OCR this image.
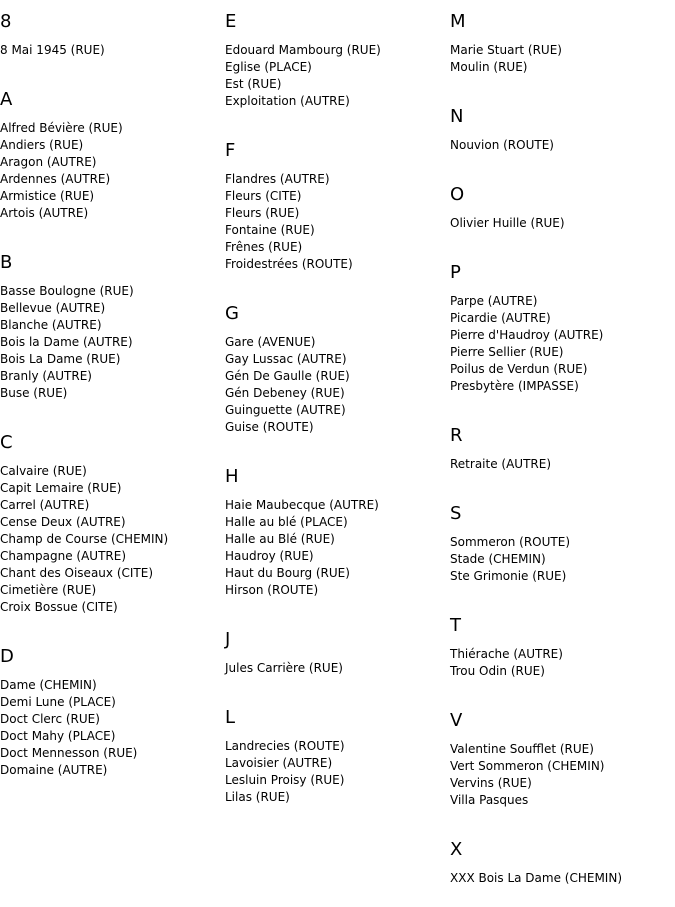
8
8 Mai 1945 (RUE)
A
Alfred Bévière (RUE)
Andiers (RUE)
Aragon (AUTRE)
Ardennes (AUTRE)
Armistice (RUE)
Artois (AUTRE)
B
Basse Boulogne (RUE)
Bellevue (AUTRE)
Blanche (AUTRE)
Bois la Dame (AUTRE)
Bois La Dame (RUE)
Branly (AUTRE)
Buse (RUE)
C
Calvaire (RUE)
Capit Lemaire (RUE)
Carrel (AUTRE)
Cense Deux (AUTRE)
Champ de Course (CHEMIN)
Champagne (AUTRE)
Chant des Oiseaux (CITE)
Cimetière (RUE)
Croix Bossue (CITE)
D
Dame (CHEMIN)
Demi Lune (PLACE)
Doct Clerc (RUE)
Doct Mahy (PLACE)
Doct Mennesson (RUE)
Domaine (AUTRE)
E
Edouard Mambourg (RUE)
Eglise (PLACE)
Est (RUE)
Exploitation (AUTRE)
F
Flandres (AUTRE)
Fleurs (CITE)
Fleurs (RUE)
Fontaine (RUE)
Frênes (RUE)
Froidestrées (ROUTE)
G
Gare (AVENUE)
Gay Lussac (AUTRE)
Gén De Gaulle (RUE)
Gén Debeney (RUE)
Guinguette (AUTRE)
Guise (ROUTE)
H
Haie Maubecque (AUTRE)
Halle au blé (PLACE)
Halle au Blé (RUE)
Haudroy (RUE)
Haut du Bourg (RUE)
Hirson (ROUTE)
J
Jules Carrière (RUE)
L
Landrecies (ROUTE)
Lavoisier (AUTRE)
Lesluin Proisy (RUE)
Lilas (RUE)
M
Marie Stuart (RUE)
Moulin (RUE)
N
Nouvion (ROUTE)
O
Olivier Huille (RUE)
P
Parpe (AUTRE)
Picardie (AUTRE)
Pierre d'Haudroy (AUTRE)
Pierre Sellier (RUE)
Poilus de Verdun (RUE)
Presbytère (IMPASSE)
R
Retraite (AUTRE)
S
Sommeron (ROUTE)
Stade (CHEMIN)
Ste Grimonie (RUE)
T
Thiérache (AUTRE)
Trou Odin (RUE)
V
Valentine Soufflet (RUE)
Vert Sommeron (CHEMIN)
Vervins (RUE)
Villa Pasques
X
XXX Bois La Dame (CHEMIN)
